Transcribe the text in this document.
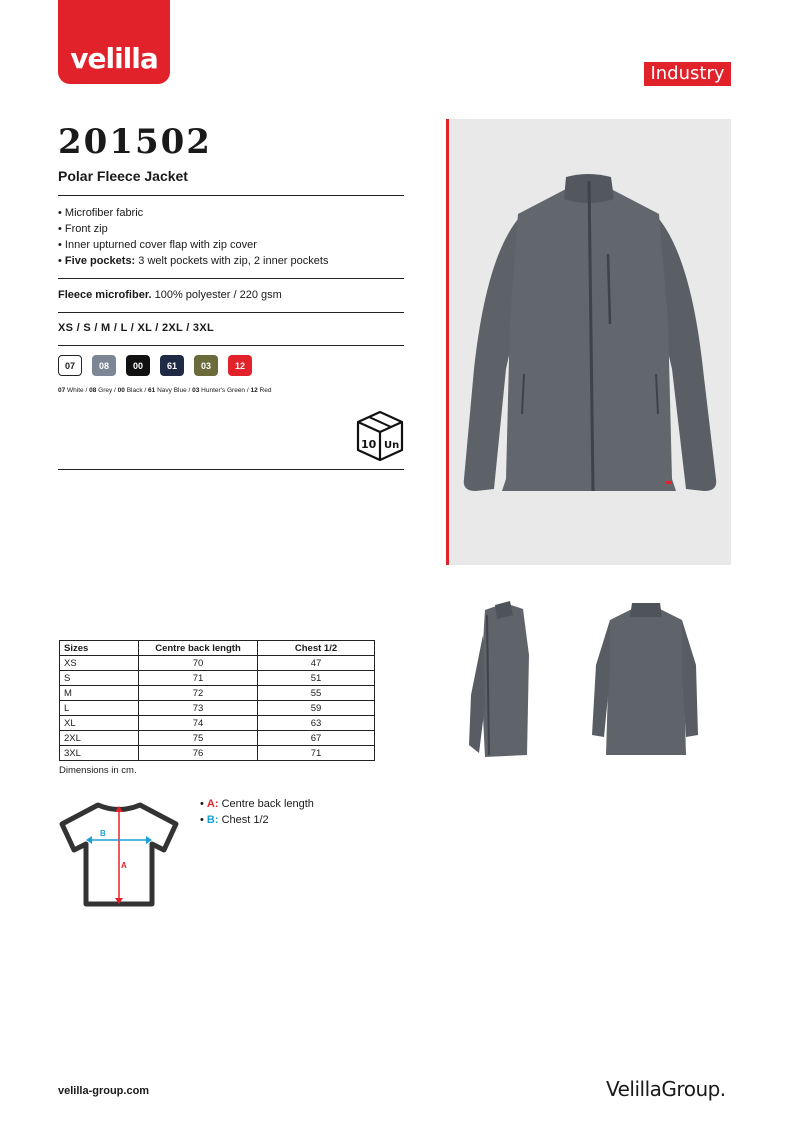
velilla	Industry
201502
Polar Fleece Jacket
• Microfiber fabric
• Front zip
• Inner upturned cover flap with zip cover
• Five pockets: 3 welt pockets with zip, 2 inner pockets
Fleece microfiber. 100% polyester / 220 gsm
XS / S / M / L / XL / 2XL / 3XL
07	08	00	61	03	12
07 White / 08 Grey / 00 Black / 61 Navy Blue / 03 Hunter's Green / 12 Red
10 Un
Sizes	Centre back length	Chest 1/2
XS	70	47
S	71	51
M	72	55
L	73	59
XL	74	63
2XL	75	67
3XL	76	71
Dimensions in cm.
B
A
• A: Centre back length
• B: Chest 1/2
velilla-group.com	VelillaGroup.
